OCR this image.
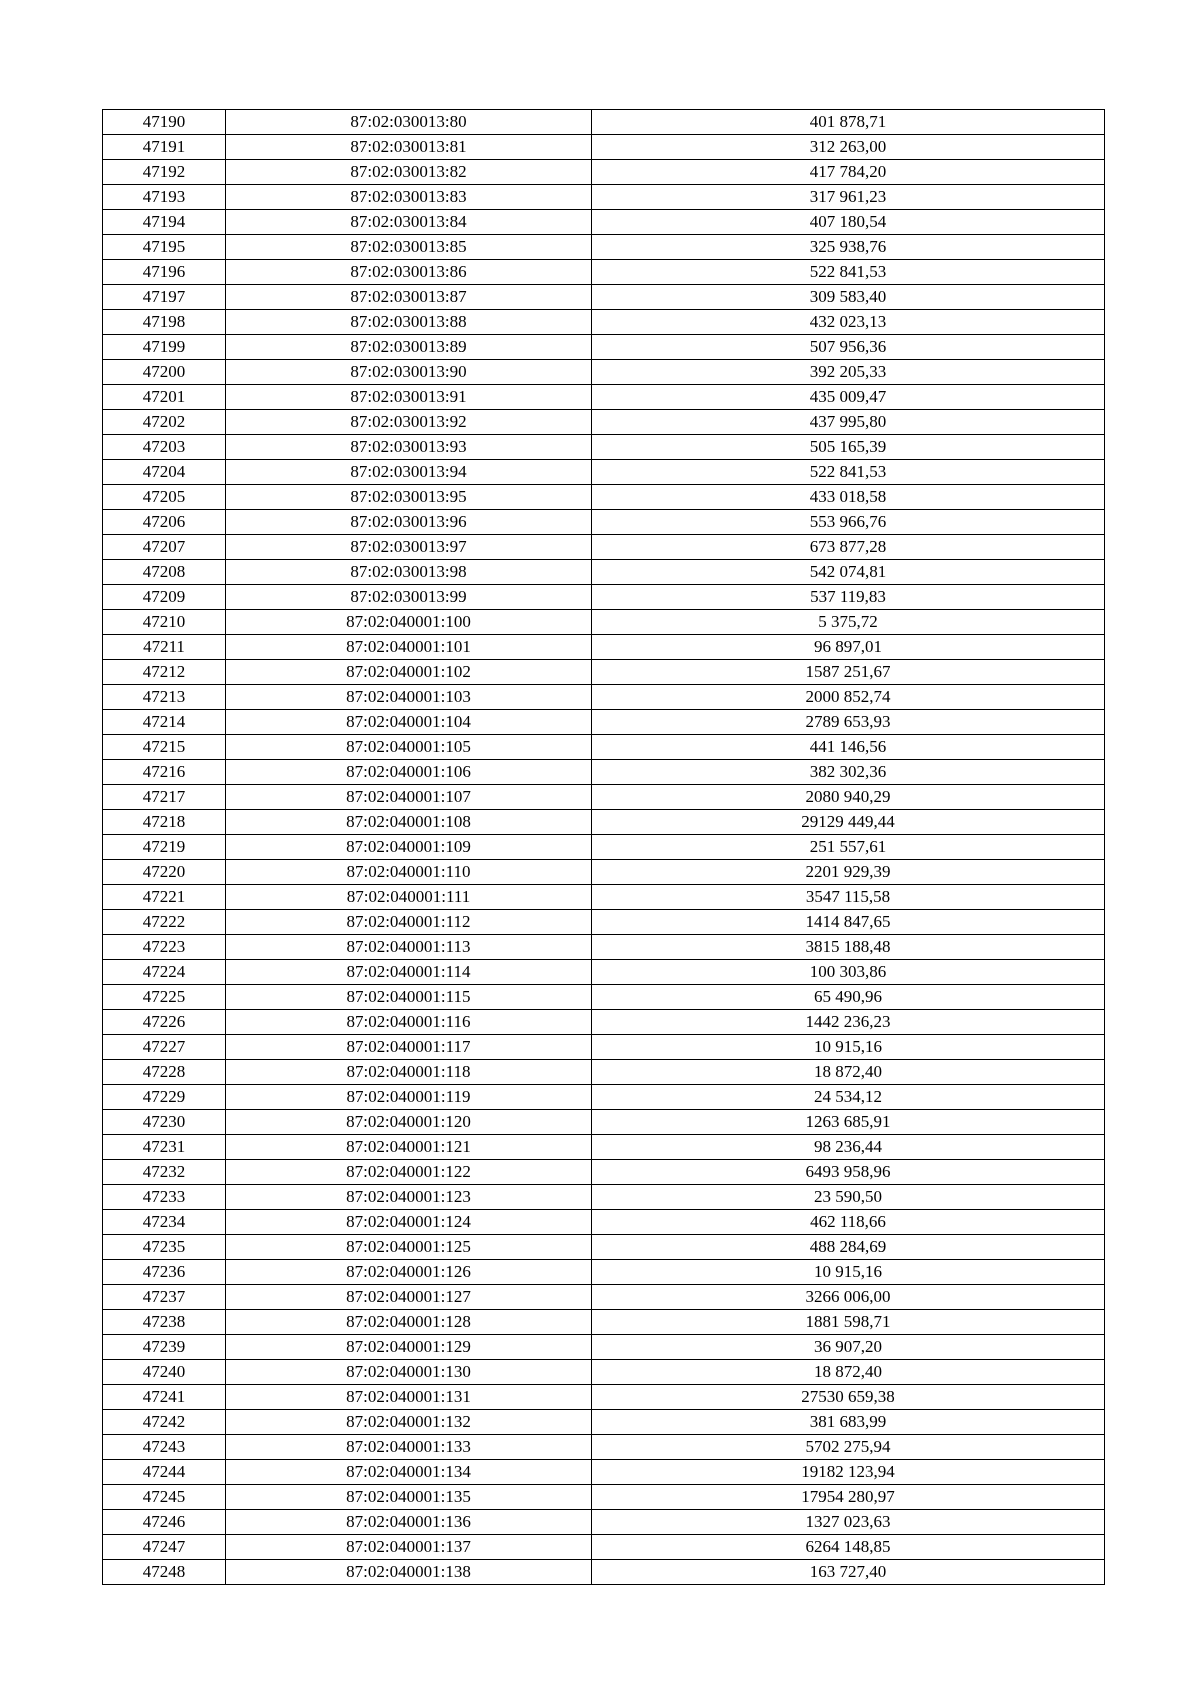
47190	87:02:030013:80	401 878,71
47191	87:02:030013:81	312 263,00
47192	87:02:030013:82	417 784,20
47193	87:02:030013:83	317 961,23
47194	87:02:030013:84	407 180,54
47195	87:02:030013:85	325 938,76
47196	87:02:030013:86	522 841,53
47197	87:02:030013:87	309 583,40
47198	87:02:030013:88	432 023,13
47199	87:02:030013:89	507 956,36
47200	87:02:030013:90	392 205,33
47201	87:02:030013:91	435 009,47
47202	87:02:030013:92	437 995,80
47203	87:02:030013:93	505 165,39
47204	87:02:030013:94	522 841,53
47205	87:02:030013:95	433 018,58
47206	87:02:030013:96	553 966,76
47207	87:02:030013:97	673 877,28
47208	87:02:030013:98	542 074,81
47209	87:02:030013:99	537 119,83
47210	87:02:040001:100	5 375,72
47211	87:02:040001:101	96 897,01
47212	87:02:040001:102	1587 251,67
47213	87:02:040001:103	2000 852,74
47214	87:02:040001:104	2789 653,93
47215	87:02:040001:105	441 146,56
47216	87:02:040001:106	382 302,36
47217	87:02:040001:107	2080 940,29
47218	87:02:040001:108	29129 449,44
47219	87:02:040001:109	251 557,61
47220	87:02:040001:110	2201 929,39
47221	87:02:040001:111	3547 115,58
47222	87:02:040001:112	1414 847,65
47223	87:02:040001:113	3815 188,48
47224	87:02:040001:114	100 303,86
47225	87:02:040001:115	65 490,96
47226	87:02:040001:116	1442 236,23
47227	87:02:040001:117	10 915,16
47228	87:02:040001:118	18 872,40
47229	87:02:040001:119	24 534,12
47230	87:02:040001:120	1263 685,91
47231	87:02:040001:121	98 236,44
47232	87:02:040001:122	6493 958,96
47233	87:02:040001:123	23 590,50
47234	87:02:040001:124	462 118,66
47235	87:02:040001:125	488 284,69
47236	87:02:040001:126	10 915,16
47237	87:02:040001:127	3266 006,00
47238	87:02:040001:128	1881 598,71
47239	87:02:040001:129	36 907,20
47240	87:02:040001:130	18 872,40
47241	87:02:040001:131	27530 659,38
47242	87:02:040001:132	381 683,99
47243	87:02:040001:133	5702 275,94
47244	87:02:040001:134	19182 123,94
47245	87:02:040001:135	17954 280,97
47246	87:02:040001:136	1327 023,63
47247	87:02:040001:137	6264 148,85
47248	87:02:040001:138	163 727,40
